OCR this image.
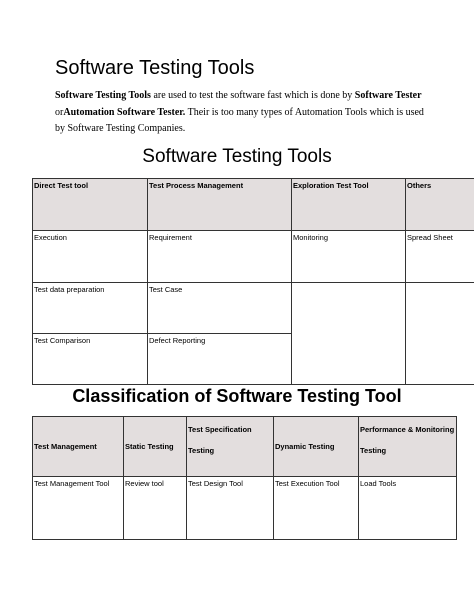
Software Testing Tools

Software Testing Tools are used to test the software fast which is done by Software Tester orAutomation Software Tester. Their is too many types of Automation Tools which is used by Software Testing Companies.

Software Testing Tools
Direct Test tool	Test Process Management	Exploration Test Tool	Others
Execution	Requirement	Monitoring	Spread Sheet
Test data preparation	Test Case		
Test Comparison	Defect Reporting		
Classification of Software Testing Tool
Test Management	Static Testing	Test Specification Testing	Dynamic Testing	Performance & Monitoring Testing
Test Management Tool	Review tool	Test Design Tool	Test Execution Tool	Load Tools
